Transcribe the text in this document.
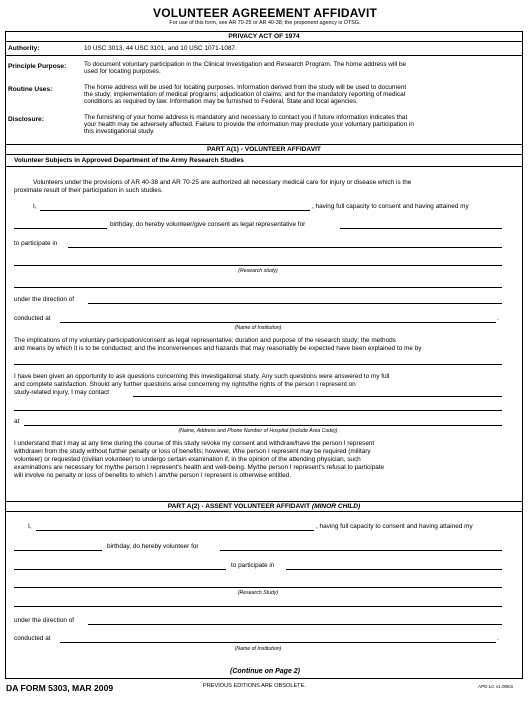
VOLUNTEER AGREEMENT AFFIDAVIT
For use of this form, see AR 70-25 or AR 40-38; the proponent agency is OTSG.
PRIVACY ACT OF 1974
Authority:	10 USC 3013, 44 USC 3101, and 10 USC 1071-1087.
Principle Purpose:	To document voluntary participation in the Clinical Investigation and Research Program. The home address will be
used for locating purposes.
Routine Uses:	The home address will be used for locating purposes. Information derived from the study will be used to document
the study; implementation of medical programs; adjudication of claims; and for the mandatory reporting of medical
conditions as required by law. Information may be furnished to Federal, State and local agencies.
Disclosure:	The furnishing of your home address is mandatory and necessary to contact you if future information indicates that
your health may be adversely affected. Failure to provide the information may preclude your voluntary participation in
this investigational study.
PART A(1) - VOLUNTEER AFFIDAVIT
Volunteer Subjects in Approved Department of the Army Research Studies
Volunteers under the provisions of AR 40-38 and AR 70-25 are authorized all necessary medical care for injury or disease which is the
proximate result of their participation in such studies.
I,	, having full capacity to consent and having attained my
birthday, do hereby volunteer/give consent as legal representative for
to participate in
(Research study)
under the direction of
conducted at	.
(Name of Institution)
The implications of my voluntary participation/consent as legal representative; duration and purpose of the research study; the methods
and means by which it is to be conducted; and the inconveniences and hazards that may reasonably be expected have been explained to me by
I have been given an opportunity to ask questions concerning this investigational study. Any such questions were answered to my full
and complete satisfaction. Should any further questions arise concerning my rights/the rights of the person I represent on
study-related injury, I may contact
at
(Name, Address and Phone Number of Hospital (Include Area Code))
I understand that I may at any time during the course of this study revoke my consent and withdraw/have the person I represent
withdrawn from the study without further penalty or loss of benefits; however, I/the person I represent may be required (military
volunteer) or requested (civilian volunteer) to undergo certain examination if, in the opinion of the attending physician, such
examinations are necessary for my/the person I represent's health and well-being. My/the person I represent's refusal to participate
will involve no penalty or loss of benefits to which I am/the person I represent is otherwise entitled.
PART A(2) - ASSENT VOLUNTEER AFFIDAVIT (MINOR CHILD)
I,	, having full capacity to consent and having attained my
birthday, do hereby volunteer for
to participate in
(Research Study)
under the direction of
conducted at	.
(Name of Institution)
(Continue on Page 2)
DA FORM 5303, MAR 2009	PREVIOUS EDITIONS ARE OBSOLETE.	APD LC v1.00ES
